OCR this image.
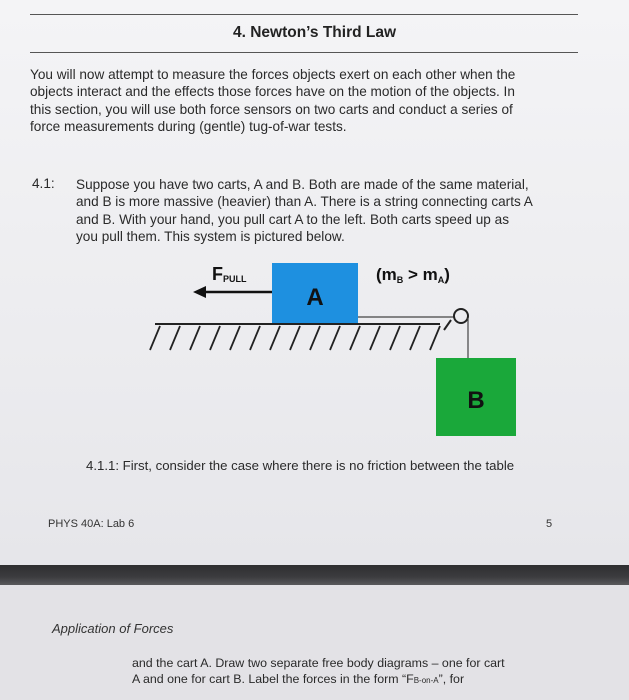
4. Newton’s Third Law
You will now attempt to measure the forces objects exert on each other when the
objects interact and the effects those forces have on the motion of the objects. In
this section, you will use both force sensors on two carts and conduct a series of
force measurements during (gentle) tug-of-war tests.
4.1: Suppose you have two carts, A and B. Both are made of the same material,
and B is more massive (heavier) than A. There is a string connecting carts A
and B. With your hand, you pull cart A to the left. Both carts speed up as
you pull them. This system is pictured below.
A
B
FPULL	(mB > mA)
4.1.1: First, consider the case where there is no friction between the table
PHYS 40A: Lab 6	5
Application of Forces
and the cart A. Draw two separate free body diagrams – one for cart
A and one for cart B. Label the forces in the form “FB-on-A”, for
